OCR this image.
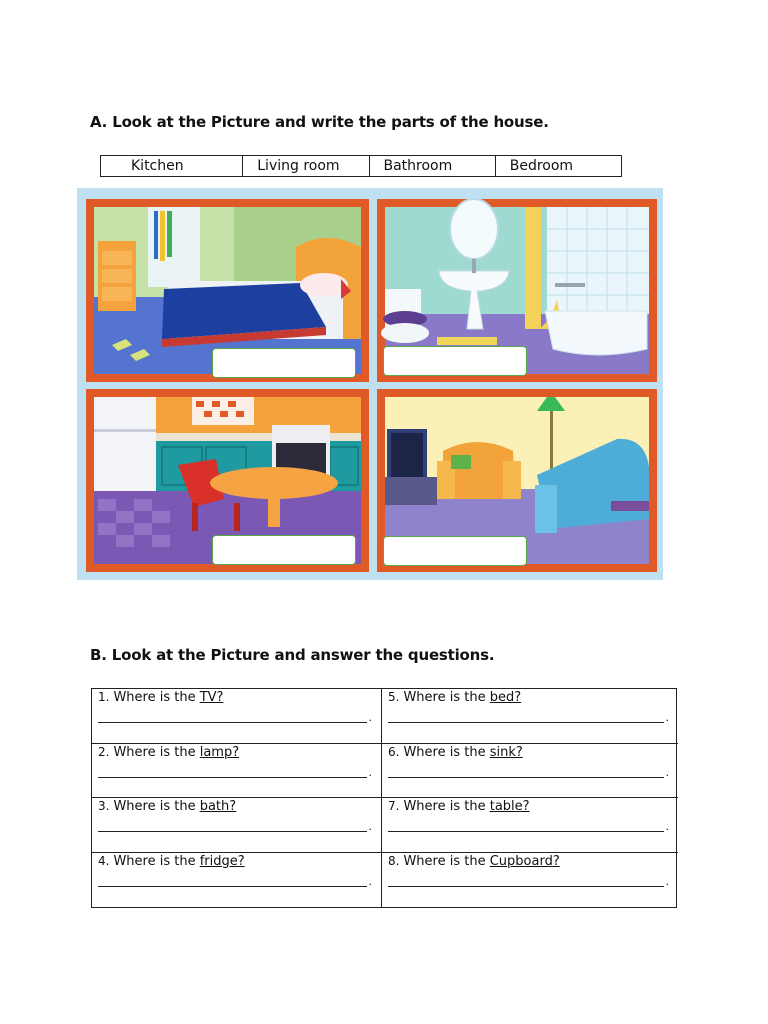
A. Look at the Picture and write the parts of the house.
Kitchen	Living room	Bathroom	Bedroom
B. Look at the Picture and answer the questions.
1. Where is the TV?
.
5. Where is the bed?
.
2. Where is the lamp?
.
6. Where is the sink?
.
3. Where is the bath?
.
7. Where is the table?
.
4. Where is the fridge?
.
8. Where is the Cupboard?
.
